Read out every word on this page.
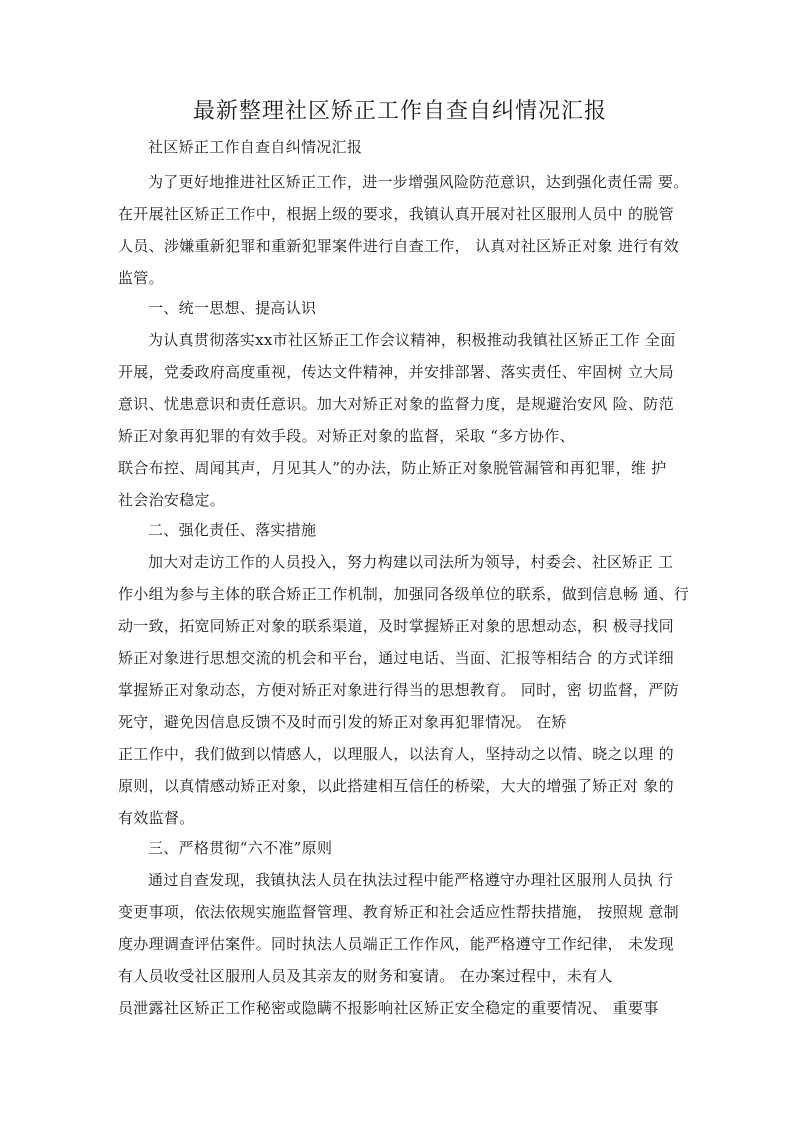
最新整理社区矫正工作自查自纠情况汇报
社区矫正工作自查自纠情况汇报
为了更好地推进社区矫正工作，进一步增强风险防范意识，达到强化责任需 要。
在开展社区矫正工作中，根据上级的要求，我镇认真开展对社区服刑人员中 的脱管
人员、涉嫌重新犯罪和重新犯罪案件进行自查工作， 认真对社区矫正对象 进行有效
监管。
一、统一思想、提高认识
为认真贯彻落实xx市社区矫正工作会议精神，积极推动我镇社区矫正工作 全面
开展，党委政府高度重视，传达文件精神，并安排部署、落实责任、牢固树 立大局
意识、忧患意识和责任意识。加大对矫正对象的监督力度，是规避治安风 险、防范
矫正对象再犯罪的有效手段。对矫正对象的监督，采取 “多方协作、
联合布控、周闻其声，月见其人”的办法，防止矫正对象脱管漏管和再犯罪，维 护
社会治安稳定。
二、强化责任、落实措施
加大对走访工作的人员投入，努力构建以司法所为领导，村委会、社区矫正 工
作小组为参与主体的联合矫正工作机制，加强同各级单位的联系，做到信息畅 通、行
动一致，拓宽同矫正对象的联系渠道，及时掌握矫正对象的思想动态，积 极寻找同
矫正对象进行思想交流的机会和平台，通过电话、当面、汇报等相结合 的方式详细
掌握矫正对象动态，方便对矫正对象进行得当的思想教育。 同时，密 切监督，严防
死守，避免因信息反馈不及时而引发的矫正对象再犯罪情况。 在矫
正工作中，我们做到以情感人，以理服人，以法育人，坚持动之以情、晓之以理 的
原则，以真情感动矫正对象，以此搭建相互信任的桥梁，大大的增强了矫正对 象的
有效监督。
三、严格贯彻“六不准”原则
通过自查发现，我镇执法人员在执法过程中能严格遵守办理社区服刑人员执 行
变更事项，依法依规实施监督管理、教育矫正和社会适应性帮扶措施， 按照规 意制
度办理调查评估案件。同时执法人员端正工作作风，能严格遵守工作纪律， 未发现
有人员收受社区服刑人员及其亲友的财务和宴请。 在办案过程中，未有人
员泄露社区矫正工作秘密或隐瞒不报影响社区矫正安全稳定的重要情况、 重要事
